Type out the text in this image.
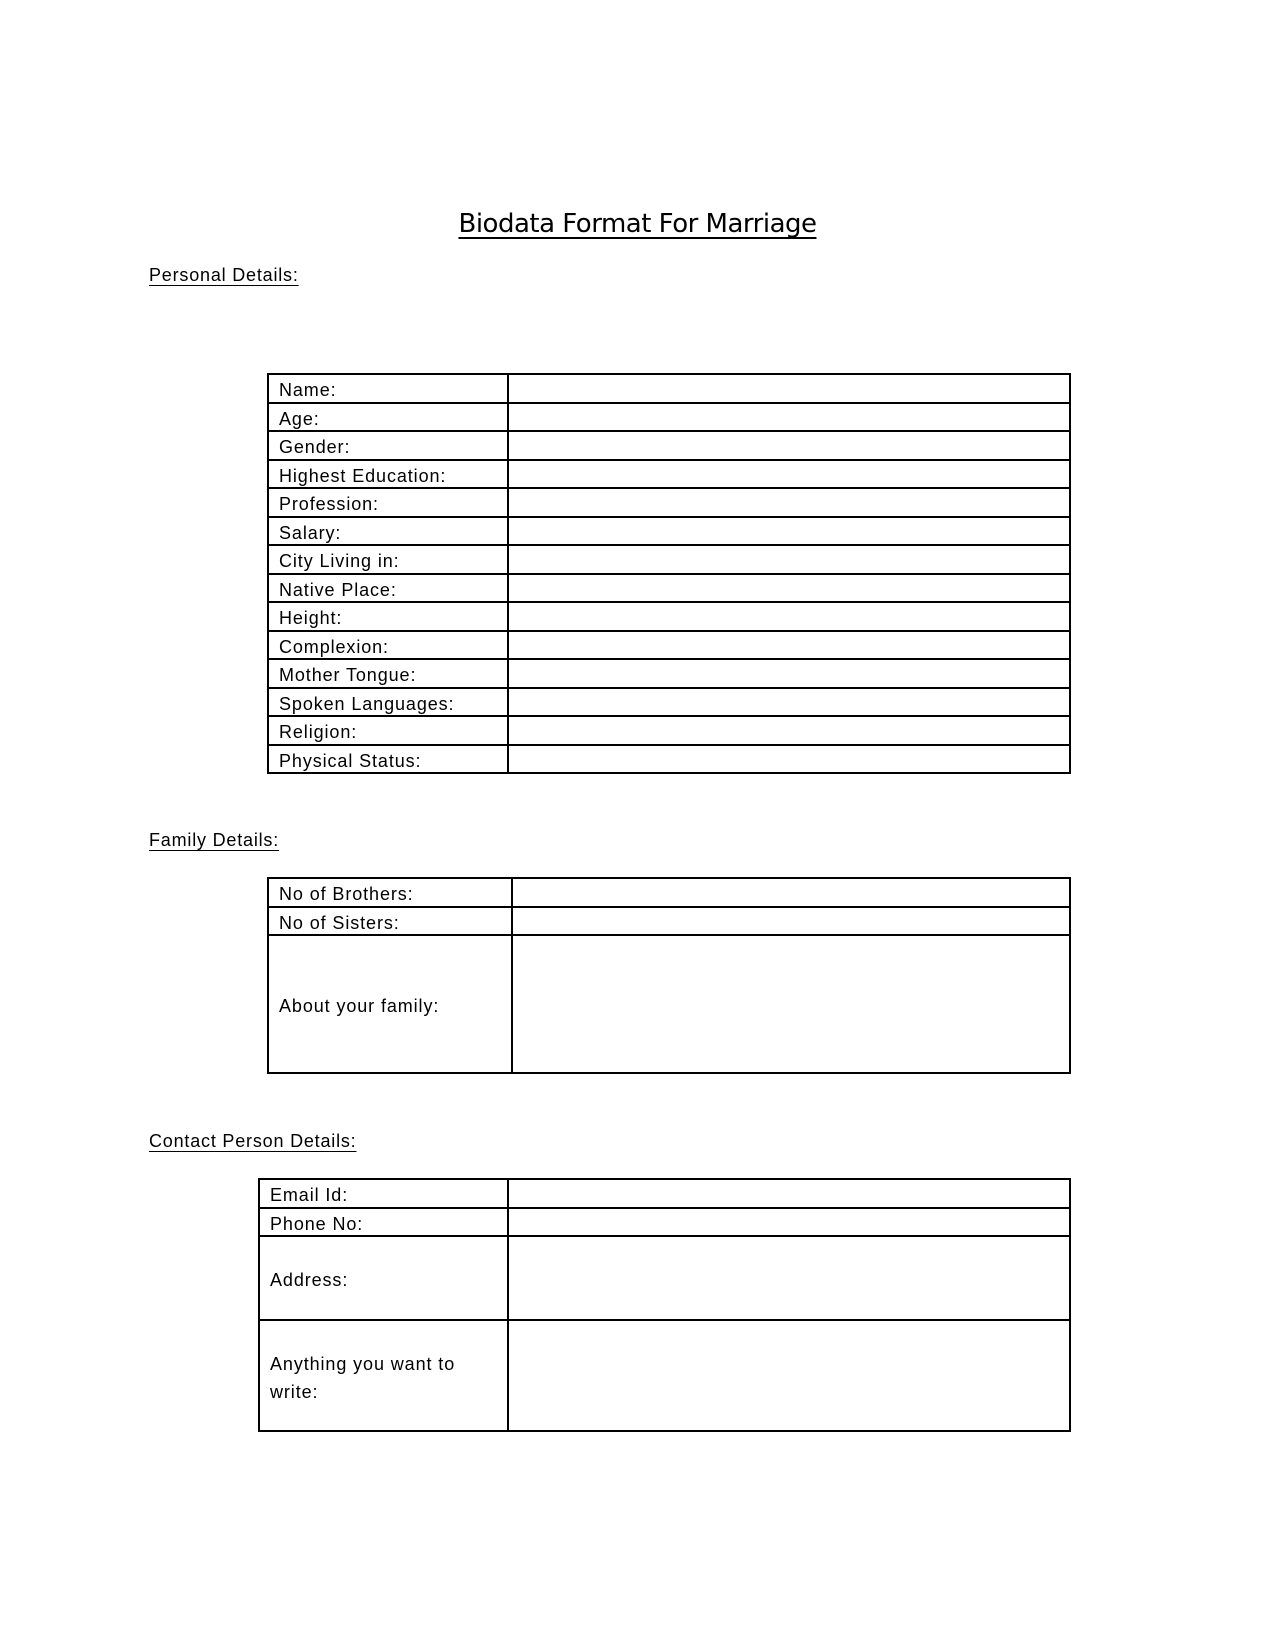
Biodata Format For Marriage
Personal Details:
Name:	
Age:	
Gender:	
Highest Education:	
Profession:	
Salary:	
City Living in:	
Native Place:	
Height:	
Complexion:	
Mother Tongue:	
Spoken Languages:	
Religion:	
Physical Status:	
Family Details:
No of Brothers:	
No of Sisters:	
About your family:	
Contact Person Details:
Email Id:	
Phone No:	
Address:	
Anything you want to write:	
